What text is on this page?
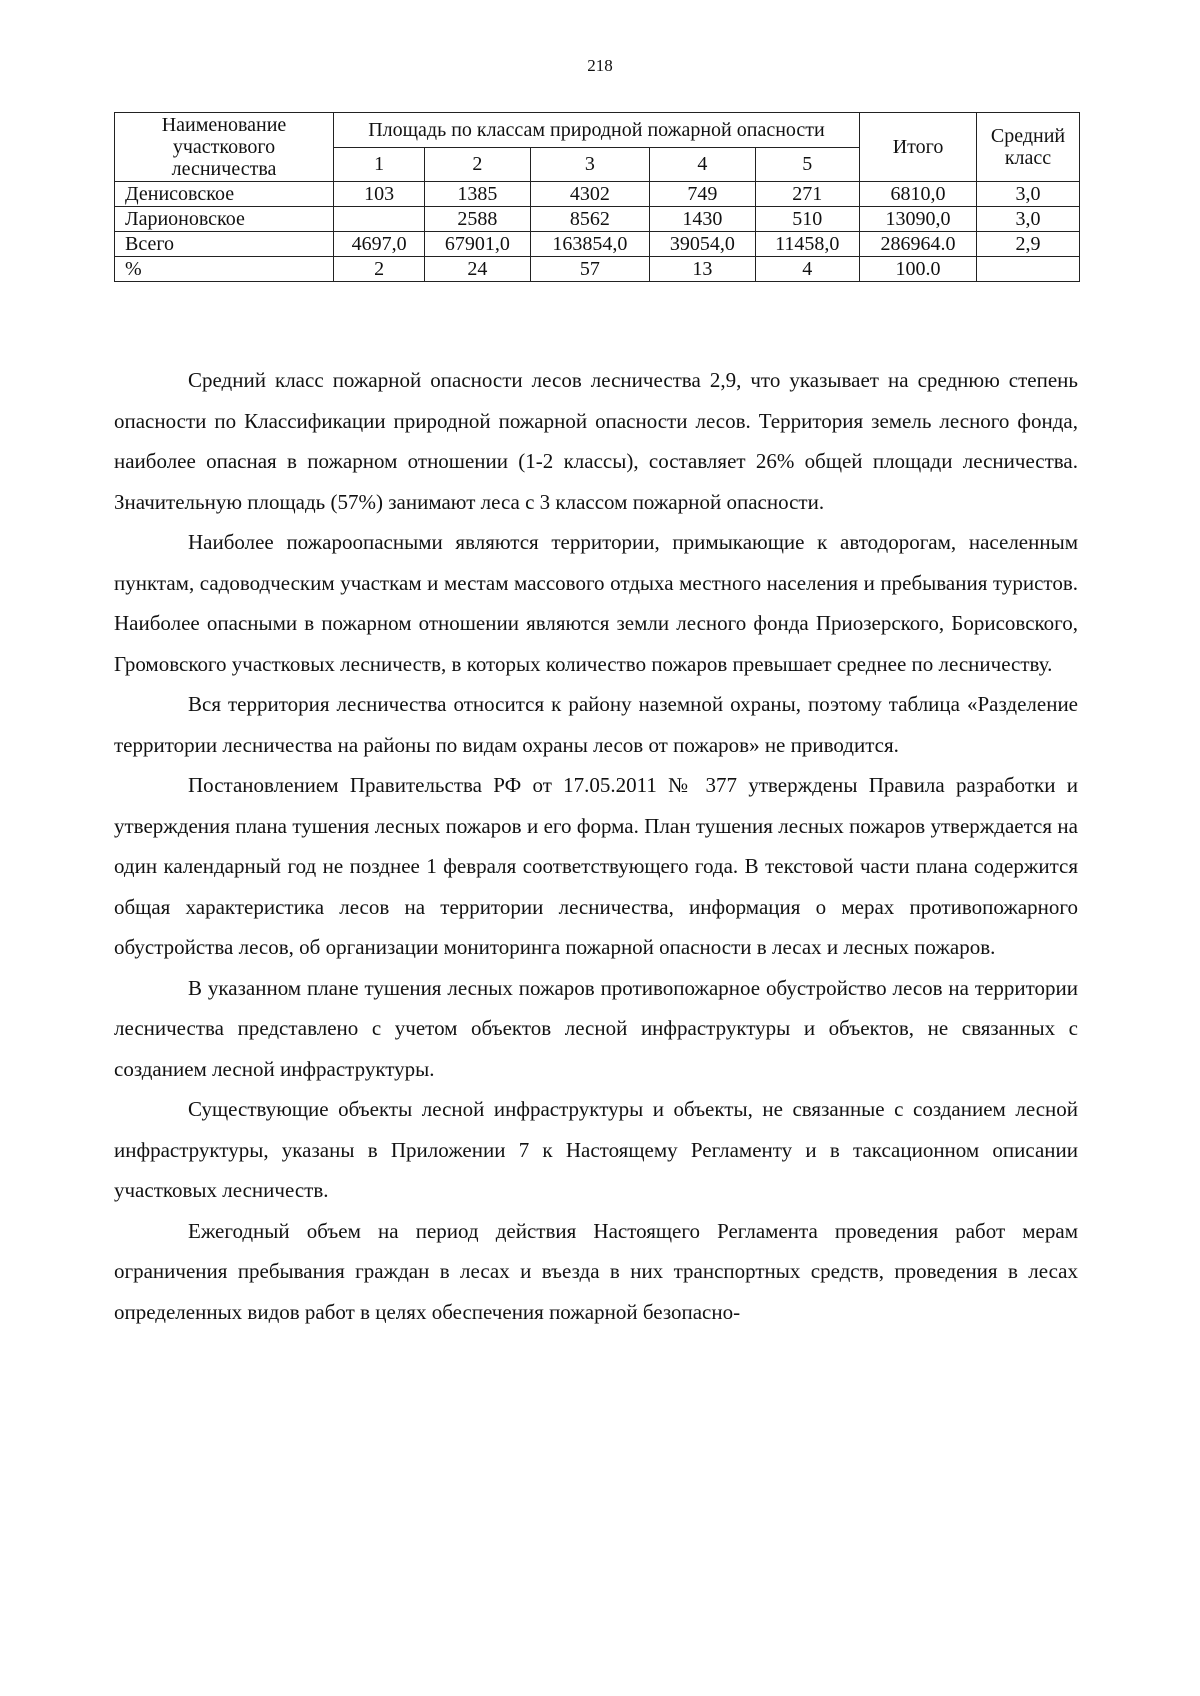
218
Наименование участкового лесничества	Площадь по классам природной пожарной опасности					Итого	Средний класс
	1	2	3	4	5		
Денисовское	103	1385	4302	749	271	6810,0	3,0
Ларионовское		2588	8562	1430	510	13090,0	3,0
Всего	4697,0	67901,0	163854,0	39054,0	11458,0	286964.0	2,9
%	2	24	57	13	4	100.0	

Средний класс пожарной опасности лесов лесничества 2,9, что указывает на среднюю степень опасности по Классификации природной пожарной опасности лесов. Территория земель лесного фонда, наиболее опасная в пожарном отношении (1-2 классы), составляет 26% общей площади лесничества. Значительную площадь (57%) занимают леса с 3 классом пожарной опасности.

Наиболее пожароопасными являются территории, примыкающие к автодорогам, населенным пунктам, садоводческим участкам и местам массового отдыха местного населения и пребывания туристов. Наиболее опасными в пожарном отношении являются земли лесного фонда Приозерского, Борисовского, Громовского участковых лесничеств, в которых количество пожаров превышает среднее по лесничеству.

Вся территория лесничества относится к району наземной охраны, поэтому таблица «Разделение территории лесничества на районы по видам охраны лесов от пожаров» не приводится.

Постановлением Правительства РФ от 17.05.2011 № 377 утверждены Правила разработки и утверждения плана тушения лесных пожаров и его форма. План тушения лесных пожаров утверждается на один календарный год не позднее 1 февраля соответствующего года. В текстовой части плана содержится общая характеристика лесов на территории лесничества, информация о мерах противопожарного обустройства лесов, об организации мониторинга пожарной опасности в лесах и лесных пожаров.

В указанном плане тушения лесных пожаров противопожарное обустройство лесов на территории лесничества представлено с учетом объектов лесной инфраструктуры и объектов, не связанных с созданием лесной инфраструктуры.

Существующие объекты лесной инфраструктуры и объекты, не связанные с созданием лесной инфраструктуры, указаны в Приложении 7 к Настоящему Регламенту и в таксационном описании участковых лесничеств.

Ежегодный объем на период действия Настоящего Регламента проведения работ мерам ограничения пребывания граждан в лесах и въезда в них транспортных средств, проведения в лесах определенных видов работ в целях обеспечения пожарной безопасно-
